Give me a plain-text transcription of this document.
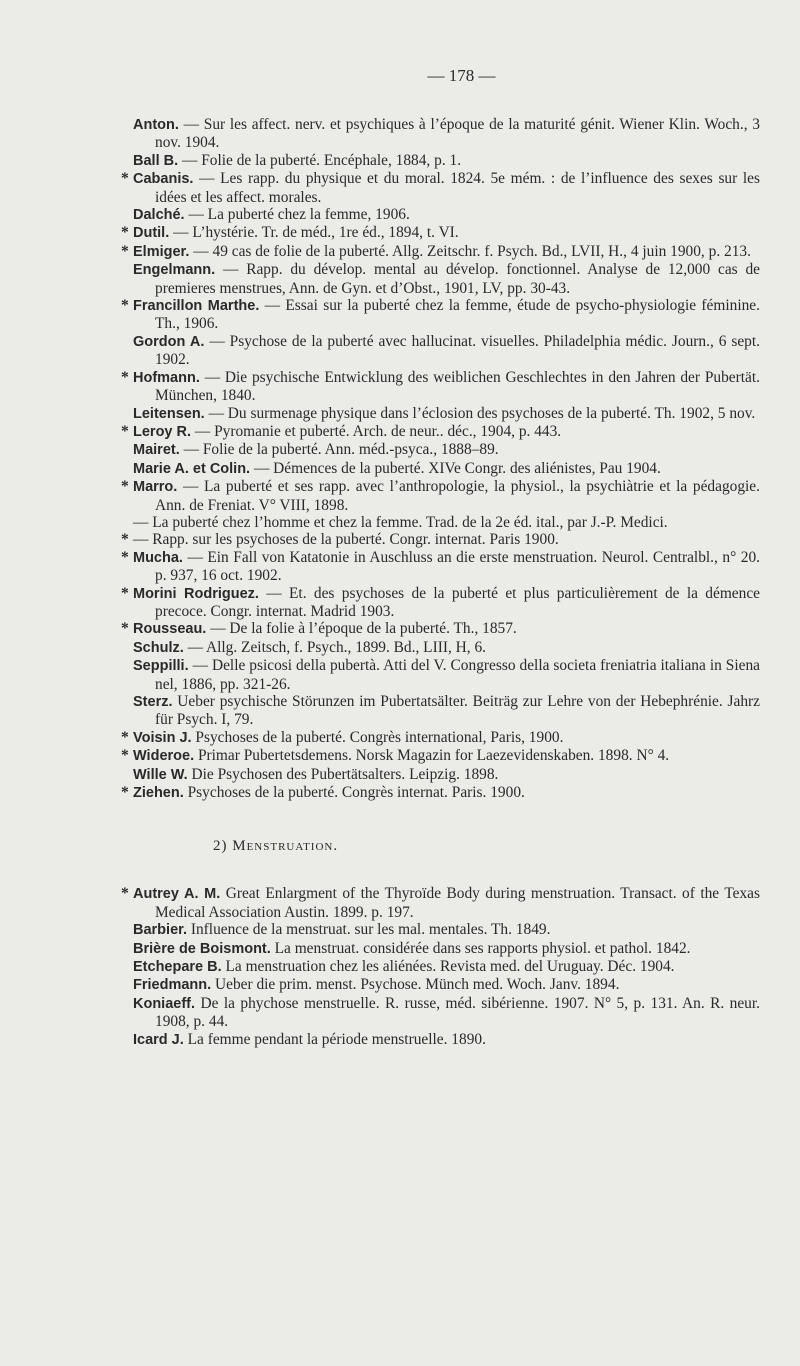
— 178 —
Anton. — Sur les affect. nerv. et psychiques à l’époque de la maturité génit. Wiener Klin. Woch., 3 nov. 1904.
Ball B. — Folie de la puberté. Encéphale, 1884, p. 1.
* Cabanis. — Les rapp. du physique et du moral. 1824. 5e mém. : de l’influence des sexes sur les idées et les affect. morales.
Dalché. — La puberté chez la femme, 1906.
* Dutil. — L’hystérie. Tr. de méd., 1re éd., 1894, t. VI.
* Elmiger. — 49 cas de folie de la puberté. Allg. Zeitschr. f. Psych. Bd., LVII, H., 4 juin 1900, p. 213.
Engelmann. — Rapp. du dévelop. mental au dévelop. fonctionnel. Analyse de 12,000 cas de premieres menstrues, Ann. de Gyn. et d’Obst., 1901, LV, pp. 30-43.
* Francillon Marthe. — Essai sur la puberté chez la femme, étude de psycho-physiologie féminine. Th., 1906.
Gordon A. — Psychose de la puberté avec hallucinat. visuelles. Philadelphia médic. Journ., 6 sept. 1902.
* Hofmann. — Die psychische Entwicklung des weiblichen Geschlechtes in den Jahren der Pubertät. München, 1840.
Leitensen. — Du surmenage physique dans l’éclosion des psychoses de la puberté. Th. 1902, 5 nov.
* Leroy R. — Pyromanie et puberté. Arch. de neur.. déc., 1904, p. 443.
Mairet. — Folie de la puberté. Ann. méd.-psyca., 1888–89.
Marie A. et Colin. — Démences de la puberté. XIVe Congr. des aliénistes, Pau 1904.
* Marro. — La puberté et ses rapp. avec l’anthropologie, la physiol., la psychiàtrie et la pédagogie. Ann. de Freniat. V° VIII, 1898.
— La puberté chez l’homme et chez la femme. Trad. de la 2e éd. ital., par J.-P. Medici.
* — Rapp. sur les psychoses de la puberté. Congr. internat. Paris 1900.
* Mucha. — Ein Fall von Katatonie in Auschluss an die erste menstruation. Neurol. Centralbl., n° 20. p. 937, 16 oct. 1902.
* Morini Rodriguez. — Et. des psychoses de la puberté et plus particulièrement de la démence precoce. Congr. internat. Madrid 1903.
* Rousseau. — De la folie à l’époque de la puberté. Th., 1857.
Schulz. — Allg. Zeitsch, f. Psych., 1899. Bd., LIII, H, 6.
Seppilli. — Delle psicosi della pubertà. Atti del V. Congresso della societa freniatria italiana in Siena nel, 1886, pp. 321-26.
Sterz. Ueber psychische Störunzen im Pubertatsälter. Beiträg zur Lehre von der Hebephrénie. Jahrz für Psych. I, 79.
* Voisin J. Psychoses de la puberté. Congrès international, Paris, 1900.
* Wideroe. Primar Pubertetsdemens. Norsk Magazin for Laezevidenskaben. 1898. N° 4.
Wille W. Die Psychosen des Pubertätsalters. Leipzig. 1898.
* Ziehen. Psychoses de la puberté. Congrès internat. Paris. 1900.
2) Menstruation.
* Autrey A. M. Great Enlargment of the Thyroïde Body during menstruation. Transact. of the Texas Medical Association Austin. 1899. p. 197.
Barbier. Influence de la menstruat. sur les mal. mentales. Th. 1849.
Brière de Boismont. La menstruat. considérée dans ses rapports physiol. et pathol. 1842.
Etchepare B. La menstruation chez les aliénées. Revista med. del Uruguay. Déc. 1904.
Friedmann. Ueber die prim. menst. Psychose. Münch med. Woch. Janv. 1894.
Koniaeff. De la phychose menstruelle. R. russe, méd. sibérienne. 1907. N° 5, p. 131. An. R. neur. 1908, p. 44.
Icard J. La femme pendant la période menstruelle. 1890.
